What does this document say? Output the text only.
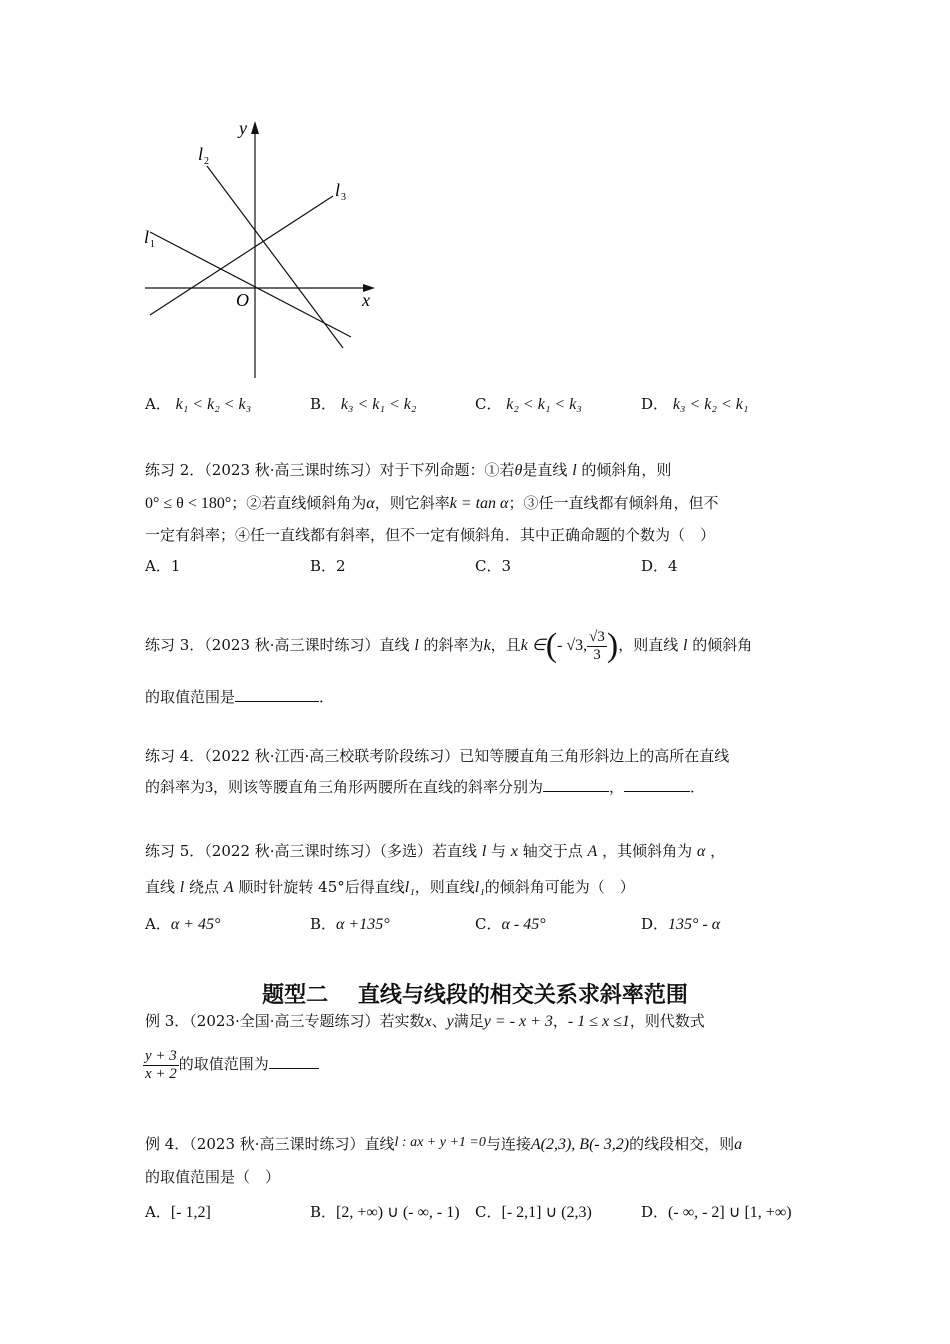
y
x
O
l 1
l 2
l 3
A． k₁ < k₂ < k₃	B． k₃ < k₁ < k₂	C． k₂ < k₁ < k₃	D． k₃ < k₂ < k₁
练习 2．（2023 秋·高三课时练习）对于下列命题：①若θ是直线 l 的倾斜角，则
0° ≤ θ < 180°；②若直线倾斜角为α，则它斜率k = tan α；③任一直线都有倾斜角，但不
一定有斜率；④任一直线都有斜率，但不一定有倾斜角．其中正确命题的个数为（　）
A．1	B．2	C．3	D．4
练习 3．（2023 秋·高三课时练习）直线 l 的斜率为k，且k ∈(- √3, $\frac{√3}{3}$ )，则直线 l 的倾斜角
的取值范围是	．
练习 4．（2022 秋·江西·高三校联考阶段练习）已知等腰直角三角形斜边上的高所在直线
的斜率为3，则该等腰直角三角形两腰所在直线的斜率分别为	，	．
练习 5．（2022 秋·高三课时练习）（多选）若直线 l 与 x 轴交于点 A ，其倾斜角为 α ，
直线 l 绕点 A 顺时针旋转 45°后得直线l₁，则直线l₁的倾斜角可能为（　）
A．α + 45°	B．α +135°	C．α - 45°	D．135° - α
题型二　 直线与线段的相交关系求斜率范围
例 3．（2023·全国·高三专题练习）若实数x、y满足y = - x + 3，- 1 ≤ x ≤1，则代数式
$\frac{y + 3}{x + 2}$ 的取值范围为
例 4．（2023 秋·高三课时练习）直线l : ax + y +1 =0与连接A(2,3), B(- 3,2)的线段相交，则a
的取值范围是（　）
A．[- 1,2]	B．[2, +∞) ∪ (- ∞, - 1) C．[- 2,1] ∪ (2,3)	D．(- ∞, - 2] ∪ [1, +∞)
